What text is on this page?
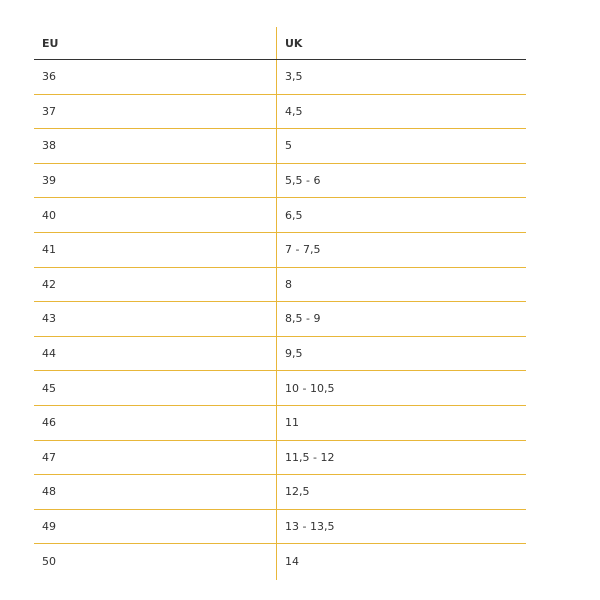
EU	UK
36	3,5
37	4,5
38	5
39	5,5 - 6
40	6,5
41	7 - 7,5
42	8
43	8,5 - 9
44	9,5
45	10 - 10,5
46	11
47	11,5 - 12
48	12,5
49	13 - 13,5
50	14
